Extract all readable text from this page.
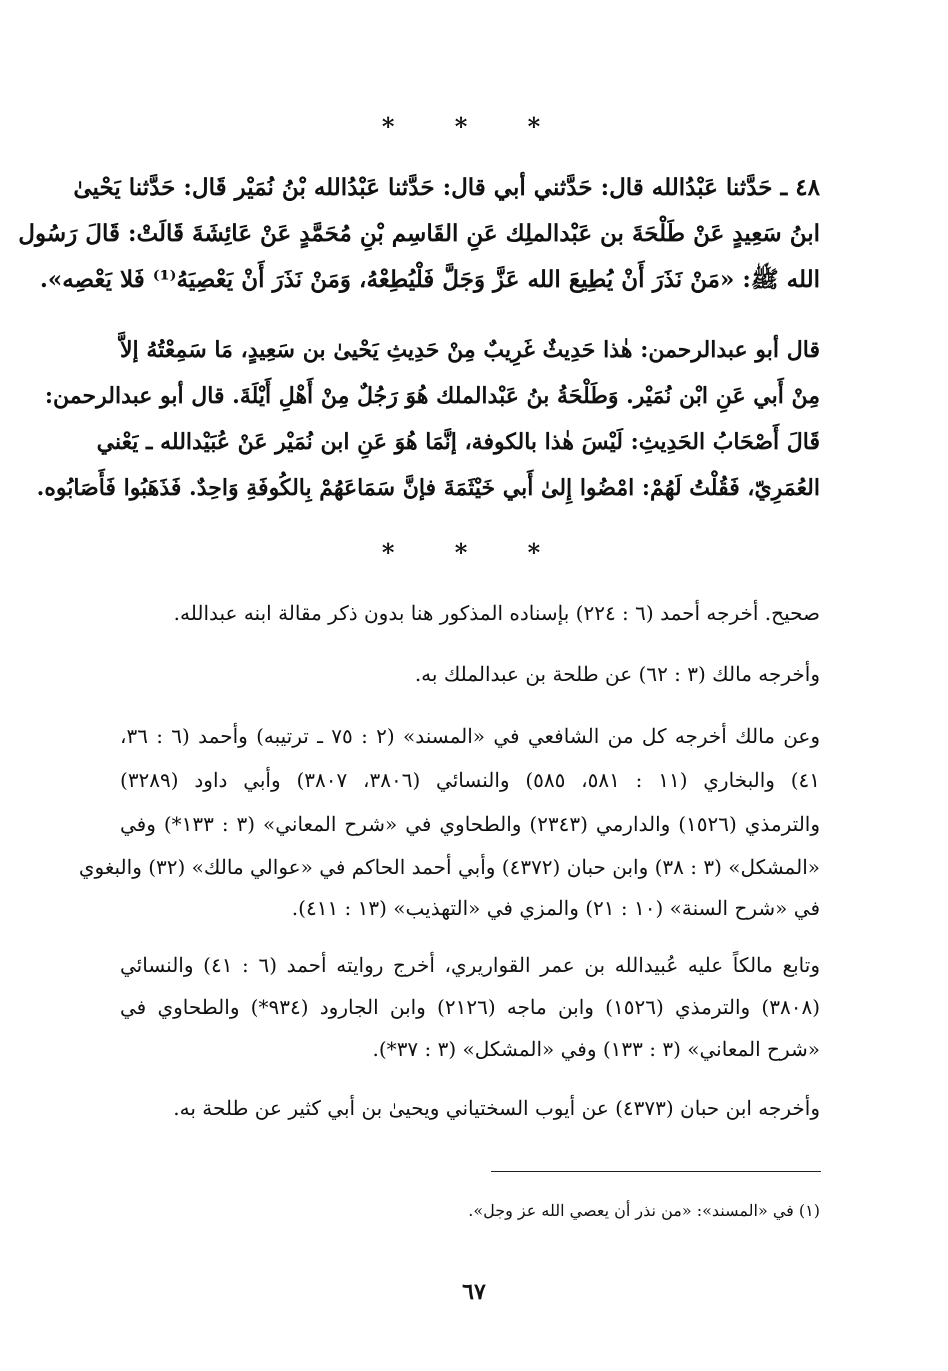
* * *
٤٨ ـ حَدَّثنا عَبْدُالله قال: حَدَّثني أبي قال: حَدَّثنا عَبْدُالله بْنُ نُمَيْر قَال: حَدَّثنا يَحْيىٰ
ابنُ سَعِيدٍ عَنْ طَلْحَةَ بن عَبْدالملِك عَنِ القَاسِم بْنِ مُحَمَّدٍ عَنْ عَائِشَةَ قَالَتْ: قَالَ رَسُول
الله ﷺ: «مَنْ نَذَرَ أَنْ يُطِيعَ الله عَزَّ وَجَلَّ فَلْيُطِعْهُ، وَمَنْ نَذَرَ أَنْ يَعْصِيَهُ⁽¹⁾ فَلا يَعْصِه».
قال أبو عبدالرحمن: هٰذا حَدِيثٌ غَرِيبٌ مِنْ حَدِيثِ يَحْيىٰ بن سَعِيدٍ، مَا سَمِعْتُهُ إلاَّ
مِنْ أَبي عَنِ ابْن نُمَيْر. وَطَلْحَةُ بنُ عَبْدالملك هُوَ رَجُلٌ مِنْ أَهْلِ أَيْلَةَ. قال أبو عبدالرحمن:
قَالَ أَصْحَابُ الحَدِيثِ: لَيْسَ هٰذا بالكوفة، إنَّمَا هُوَ عَنِ ابن نُمَيْر عَنْ عُبَيْدالله ـ يَعْني
العُمَرِيّ، فَقُلْتُ لَهُمْ: امْضُوا إِلىٰ أَبي خَيْثَمَةَ فإنَّ سَمَاعَهُمْ بِالكُوفَةِ وَاحِدٌ. فَذَهَبُوا فَأَصَابُوه.
* * *
صحيح. أخرجه أحمد (٦ : ٢٢٤) بإسناده المذكور هنا بدون ذكر مقالة ابنه عبدالله.
وأخرجه مالك (٣ : ٦٢) عن طلحة بن عبدالملك به.
وعن مالك أخرجه كل من الشافعي في «المسند» (٢ : ٧٥ ـ ترتيبه) وأحمد (٦ : ٣٦،
٤١) والبخاري (١١ : ٥٨١، ٥٨٥) والنسائي (٣٨٠٦، ٣٨٠٧) وأبي داود (٣٢٨٩)
والترمذي (١٥٢٦) والدارمي (٢٣٤٣) والطحاوي في «شرح المعاني» (٣ : ١٣٣*) وفي
«المشكل» (٣ : ٣٨) وابن حبان (٤٣٧٢) وأبي أحمد الحاكم في «عوالي مالك» (٣٢) والبغوي
في «شرح السنة» (١٠ : ٢١) والمزي في «التهذيب» (١٣ : ٤١١).
وتابع مالكاً عليه عُبيدالله بن عمر القواريري، أخرج روايته أحمد (٦ : ٤١) والنسائي
(٣٨٠٨) والترمذي (١٥٢٦) وابن ماجه (٢١٢٦) وابن الجارود (٩٣٤*) والطحاوي في
«شرح المعاني» (٣ : ١٣٣) وفي «المشكل» (٣ : ٣٧*).
وأخرجه ابن حبان (٤٣٧٣) عن أيوب السختياني ويحيىٰ بن أبي كثير عن طلحة به.
(١) في «المسند»: «من نذر أن يعصي الله عز وجل».
٦٧
